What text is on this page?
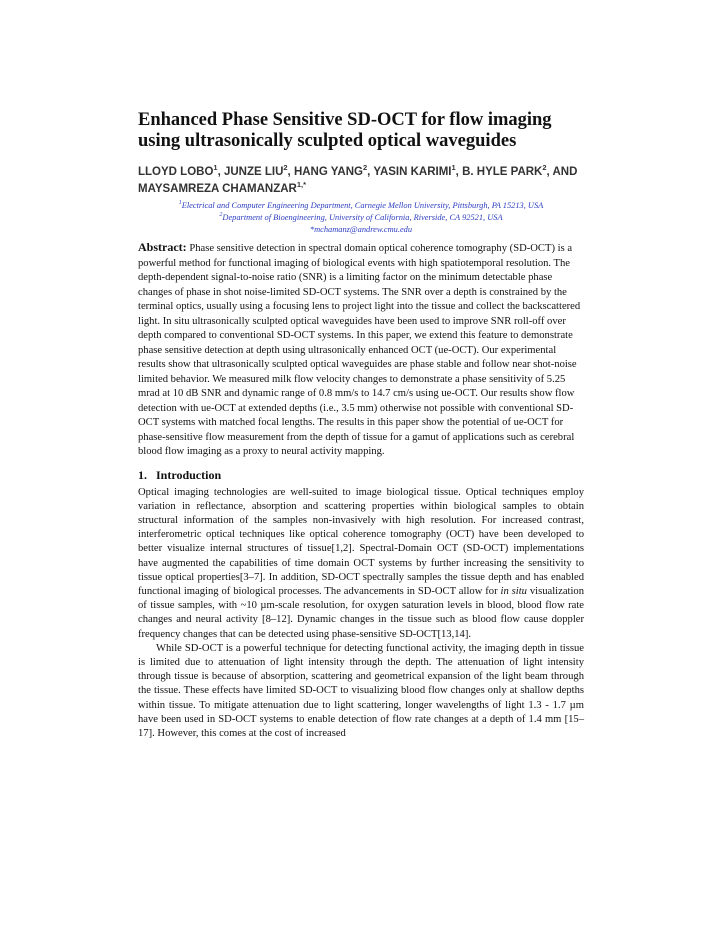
Enhanced Phase Sensitive SD-OCT for flow imaging using ultrasonically sculpted optical waveguides
LLOYD LOBO$^1$, JUNZE LIU$^2$, HANG YANG$^2$, YASIN KARIMI$^1$, B. HYLE PARK$^2$, AND MAYSAMREZA $CHAMANZAR^{1,*}$

$^1$Electrical and Computer Engineering Department, Carnegie Mellon University, Pittsburgh, PA 15213, USA

$^2$Department of Bioengineering, University of California, Riverside, CA 92521, USA

*mchamanz@andrew.cmu.edu

Abstract: Phase sensitive detection in spectral domain optical coherence tomography (SD-OCT) is a powerful method for functional imaging of biological events with high spatiotemporal resolution. The depth-dependent signal-to-noise ratio (SNR) is a limiting factor on the minimum detectable phase changes of phase in shot noise-limited SD-OCT systems. The SNR over a depth is constrained by the terminal optics, usually using a focusing lens to project light into the tissue and collect the backscattered light. In situ ultrasonically sculpted optical waveguides have been used to improve SNR roll-off over depth compared to conventional SD-OCT systems. In this paper, we extend this feature to demonstrate phase sensitive detection at depth using ultrasonically enhanced OCT (ue-OCT). Our experimental results show that ultrasonically sculpted optical waveguides are phase stable and follow near shot-noise limited behavior. We measured milk flow velocity changes to demonstrate a phase sensitivity of 5.25 mrad at 10 dB SNR and dynamic range of 0.8 mm/s to 14.7 cm/s using ue-OCT. Our results show flow detection with ue-OCT at extended depths (i.e., 3.5 mm) otherwise not possible with conventional SD-OCT systems with matched focal lengths. The results in this paper show the potential of ue-OCT for phase-sensitive flow measurement from the depth of tissue for a gamut of applications such as cerebral blood flow imaging as a proxy to neural activity mapping.

1. Introduction

Optical imaging technologies are well-suited to image biological tissue. Optical techniques employ variation in reflectance, absorption and scattering properties within biological samples to obtain structural information of the samples non-invasively with high resolution. For increased contrast, interferometric optical techniques like optical coherence tomography (OCT) have been developed to better visualize internal structures of tissue[1,2]. Spectral-Domain OCT (SD-OCT) implementations have augmented the capabilities of time domain OCT systems by further increasing the sensitivity to tissue optical properties[3–7]. In addition, SD-OCT spectrally samples the tissue depth and has enabled functional imaging of biological processes. The advancements in SD-OCT allow for in situ visualization of tissue samples, with ~10 µm-scale resolution, for oxygen saturation levels in blood, blood flow rate changes and neural activity [8–12]. Dynamic changes in the tissue such as blood flow cause doppler frequency changes that can be detected using phase-sensitive SD-OCT[13,14].

While SD-OCT is a powerful technique for detecting functional activity, the imaging depth in tissue is limited due to attenuation of light intensity through the depth. The attenuation of light intensity through tissue is because of absorption, scattering and geometrical expansion of the light beam through the tissue. These effects have limited SD-OCT to visualizing blood flow changes only at shallow depths within tissue. To mitigate attenuation due to light scattering, longer wavelengths of light 1.3 - 1.7 µm have been used in SD-OCT systems to enable detection of flow rate changes at a depth of 1.4 mm [15–17]. However, this comes at the cost of increased
